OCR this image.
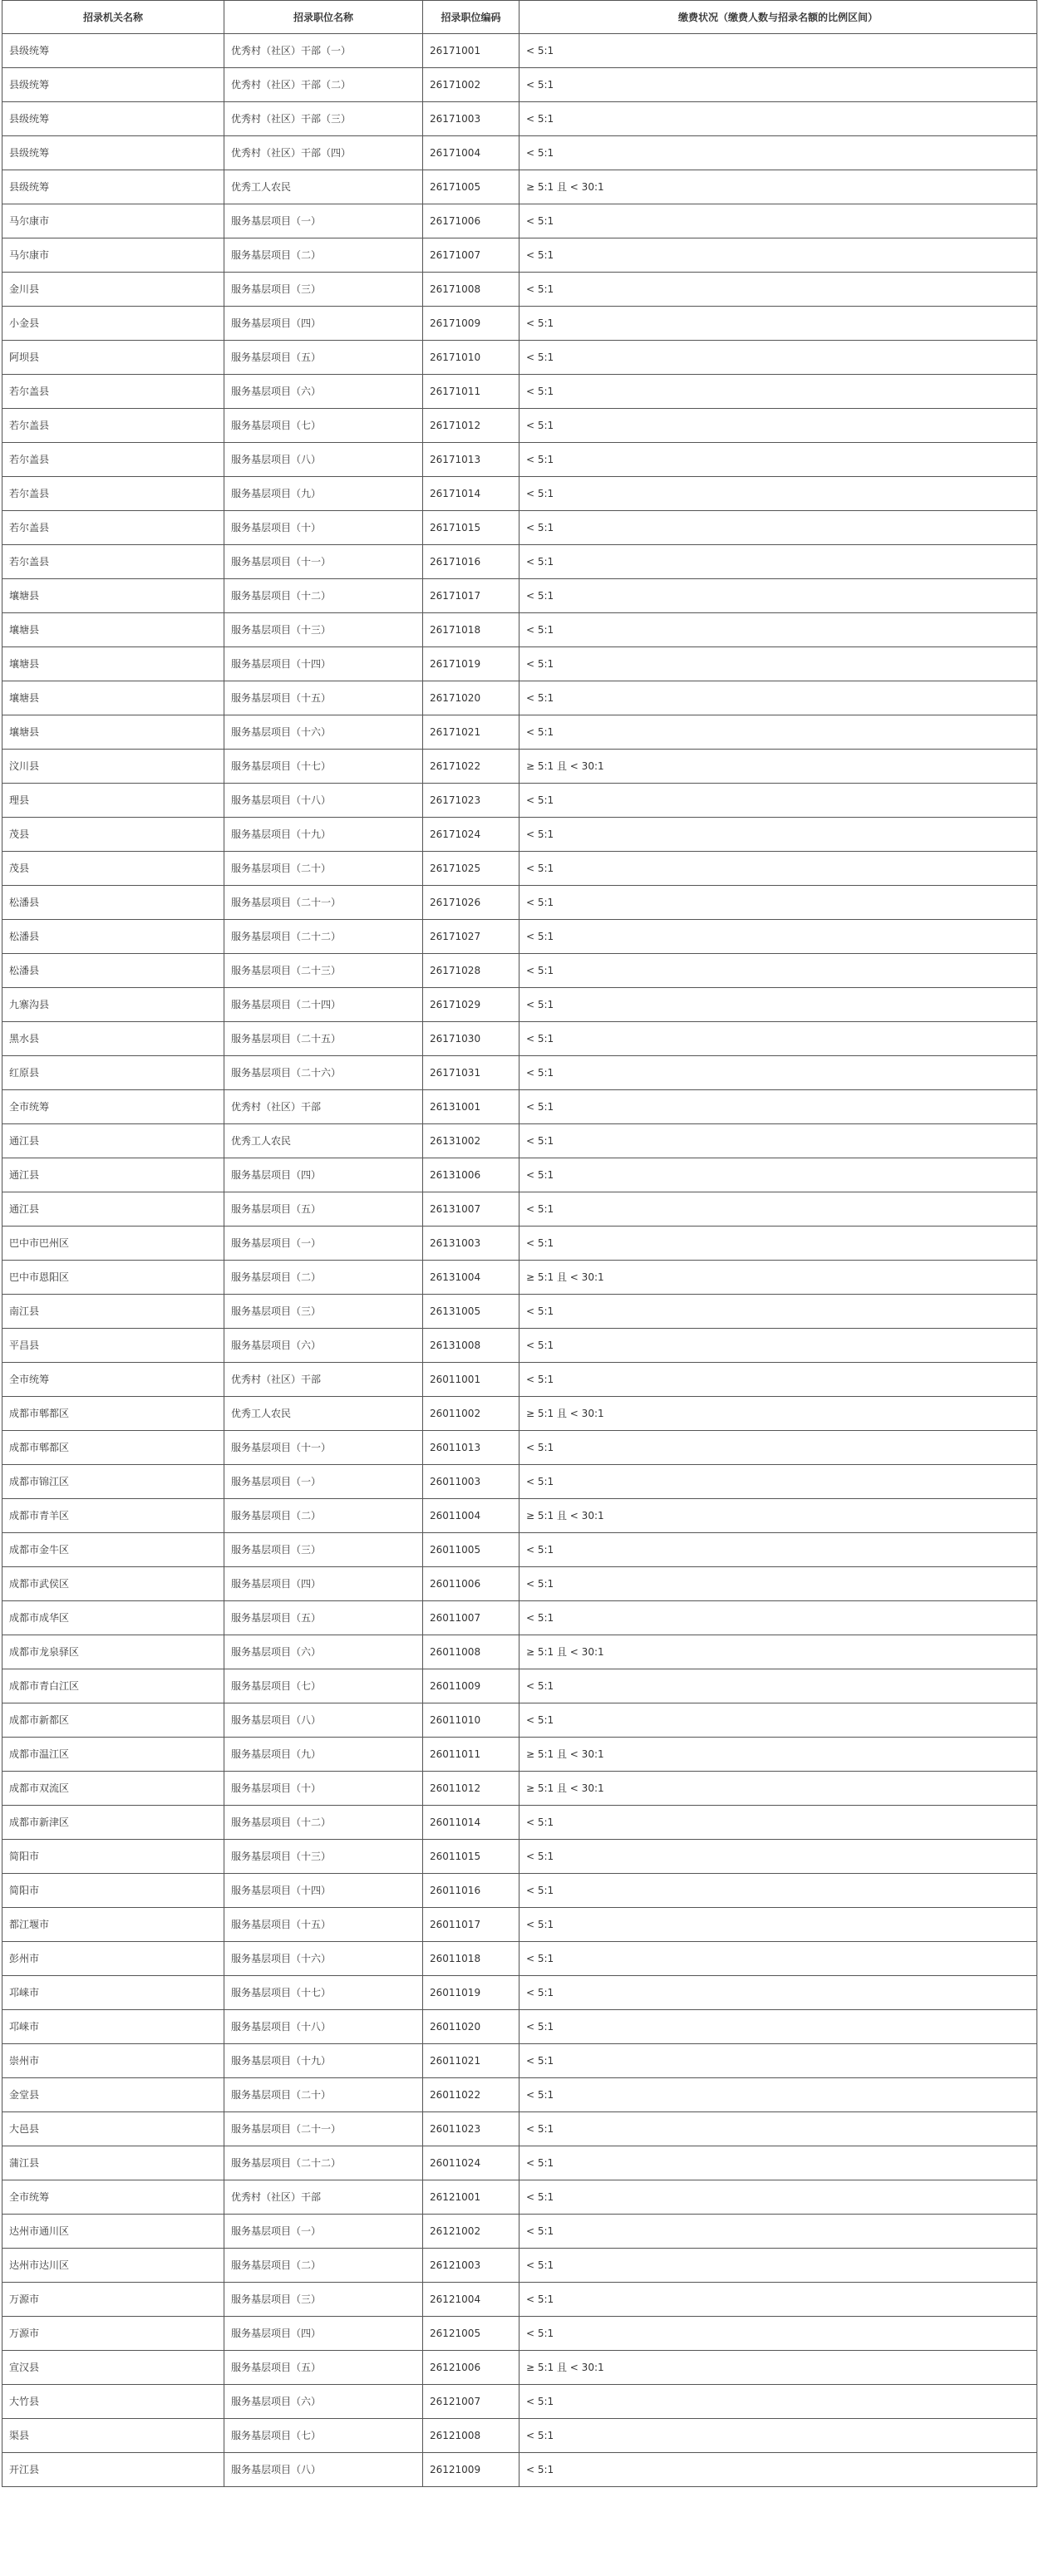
招录机关名称	招录职位名称	招录职位编码	缴费状况（缴费人数与招录名额的比例区间）
县级统筹	优秀村（社区）干部（一）	26171001	< 5:1
县级统筹	优秀村（社区）干部（二）	26171002	< 5:1
县级统筹	优秀村（社区）干部（三）	26171003	< 5:1
县级统筹	优秀村（社区）干部（四）	26171004	< 5:1
县级统筹	优秀工人农民	26171005	≥ 5:1 且 < 30:1
马尔康市	服务基层项目（一）	26171006	< 5:1
马尔康市	服务基层项目（二）	26171007	< 5:1
金川县	服务基层项目（三）	26171008	< 5:1
小金县	服务基层项目（四）	26171009	< 5:1
阿坝县	服务基层项目（五）	26171010	< 5:1
若尔盖县	服务基层项目（六）	26171011	< 5:1
若尔盖县	服务基层项目（七）	26171012	< 5:1
若尔盖县	服务基层项目（八）	26171013	< 5:1
若尔盖县	服务基层项目（九）	26171014	< 5:1
若尔盖县	服务基层项目（十）	26171015	< 5:1
若尔盖县	服务基层项目（十一）	26171016	< 5:1
壤塘县	服务基层项目（十二）	26171017	< 5:1
壤塘县	服务基层项目（十三）	26171018	< 5:1
壤塘县	服务基层项目（十四）	26171019	< 5:1
壤塘县	服务基层项目（十五）	26171020	< 5:1
壤塘县	服务基层项目（十六）	26171021	< 5:1
汶川县	服务基层项目（十七）	26171022	≥ 5:1 且 < 30:1
理县	服务基层项目（十八）	26171023	< 5:1
茂县	服务基层项目（十九）	26171024	< 5:1
茂县	服务基层项目（二十）	26171025	< 5:1
松潘县	服务基层项目（二十一）	26171026	< 5:1
松潘县	服务基层项目（二十二）	26171027	< 5:1
松潘县	服务基层项目（二十三）	26171028	< 5:1
九寨沟县	服务基层项目（二十四）	26171029	< 5:1
黑水县	服务基层项目（二十五）	26171030	< 5:1
红原县	服务基层项目（二十六）	26171031	< 5:1
全市统筹	优秀村（社区）干部	26131001	< 5:1
通江县	优秀工人农民	26131002	< 5:1
通江县	服务基层项目（四）	26131006	< 5:1
通江县	服务基层项目（五）	26131007	< 5:1
巴中市巴州区	服务基层项目（一）	26131003	< 5:1
巴中市恩阳区	服务基层项目（二）	26131004	≥ 5:1 且 < 30:1
南江县	服务基层项目（三）	26131005	< 5:1
平昌县	服务基层项目（六）	26131008	< 5:1
全市统筹	优秀村（社区）干部	26011001	< 5:1
成都市郫都区	优秀工人农民	26011002	≥ 5:1 且 < 30:1
成都市郫都区	服务基层项目（十一）	26011013	< 5:1
成都市锦江区	服务基层项目（一）	26011003	< 5:1
成都市青羊区	服务基层项目（二）	26011004	≥ 5:1 且 < 30:1
成都市金牛区	服务基层项目（三）	26011005	< 5:1
成都市武侯区	服务基层项目（四）	26011006	< 5:1
成都市成华区	服务基层项目（五）	26011007	< 5:1
成都市龙泉驿区	服务基层项目（六）	26011008	≥ 5:1 且 < 30:1
成都市青白江区	服务基层项目（七）	26011009	< 5:1
成都市新都区	服务基层项目（八）	26011010	< 5:1
成都市温江区	服务基层项目（九）	26011011	≥ 5:1 且 < 30:1
成都市双流区	服务基层项目（十）	26011012	≥ 5:1 且 < 30:1
成都市新津区	服务基层项目（十二）	26011014	< 5:1
简阳市	服务基层项目（十三）	26011015	< 5:1
简阳市	服务基层项目（十四）	26011016	< 5:1
都江堰市	服务基层项目（十五）	26011017	< 5:1
彭州市	服务基层项目（十六）	26011018	< 5:1
邛崃市	服务基层项目（十七）	26011019	< 5:1
邛崃市	服务基层项目（十八）	26011020	< 5:1
崇州市	服务基层项目（十九）	26011021	< 5:1
金堂县	服务基层项目（二十）	26011022	< 5:1
大邑县	服务基层项目（二十一）	26011023	< 5:1
蒲江县	服务基层项目（二十二）	26011024	< 5:1
全市统筹	优秀村（社区）干部	26121001	< 5:1
达州市通川区	服务基层项目（一）	26121002	< 5:1
达州市达川区	服务基层项目（二）	26121003	< 5:1
万源市	服务基层项目（三）	26121004	< 5:1
万源市	服务基层项目（四）	26121005	< 5:1
宣汉县	服务基层项目（五）	26121006	≥ 5:1 且 < 30:1
大竹县	服务基层项目（六）	26121007	< 5:1
渠县	服务基层项目（七）	26121008	< 5:1
开江县	服务基层项目（八）	26121009	< 5:1
